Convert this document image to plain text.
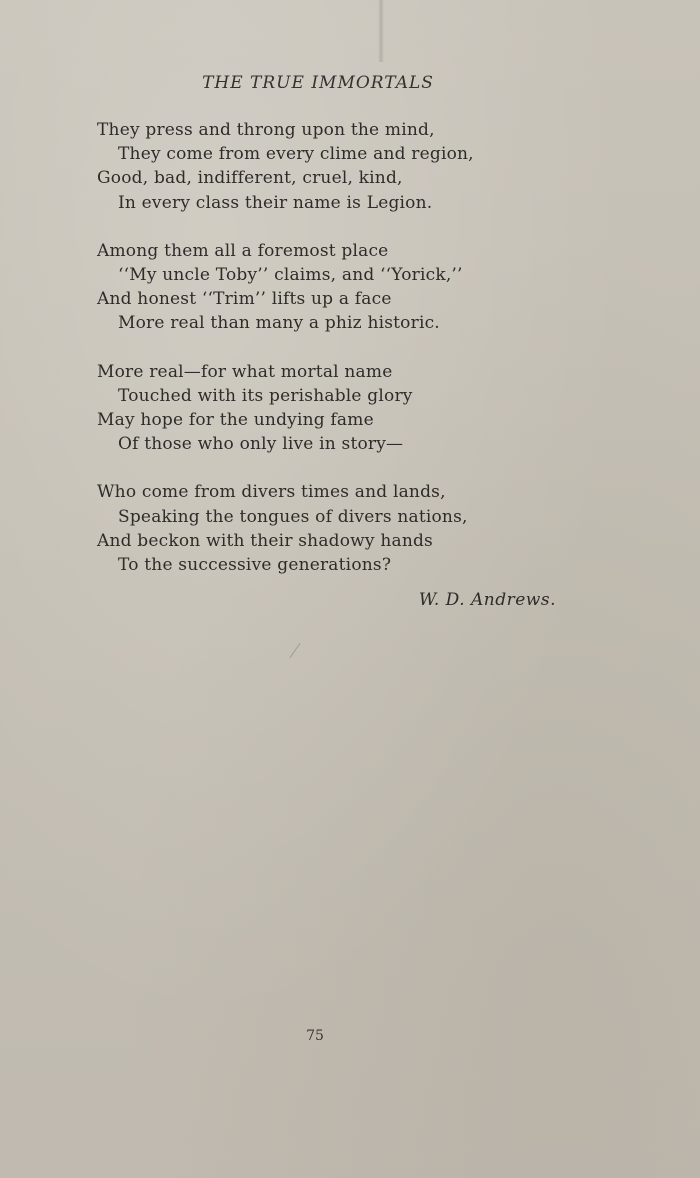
THE TRUE IMMORTALS
They press and throng upon the mind,
They come from every clime and region,
Good, bad, indifferent, cruel, kind,
In every class their name is Legion.
Among them all a foremost place
‘‘My uncle Toby’’ claims, and ‘‘Yorick,’’
And honest ‘‘Trim’’ lifts up a face
More real than many a phiz historic.
More real—for what mortal name
Touched with its perishable glory
May hope for the undying fame
Of those who only live in story—
Who come from divers times and lands,
Speaking the tongues of divers nations,
And beckon with their shadowy hands
To the successive generations?
W. D. Andrews.
75
